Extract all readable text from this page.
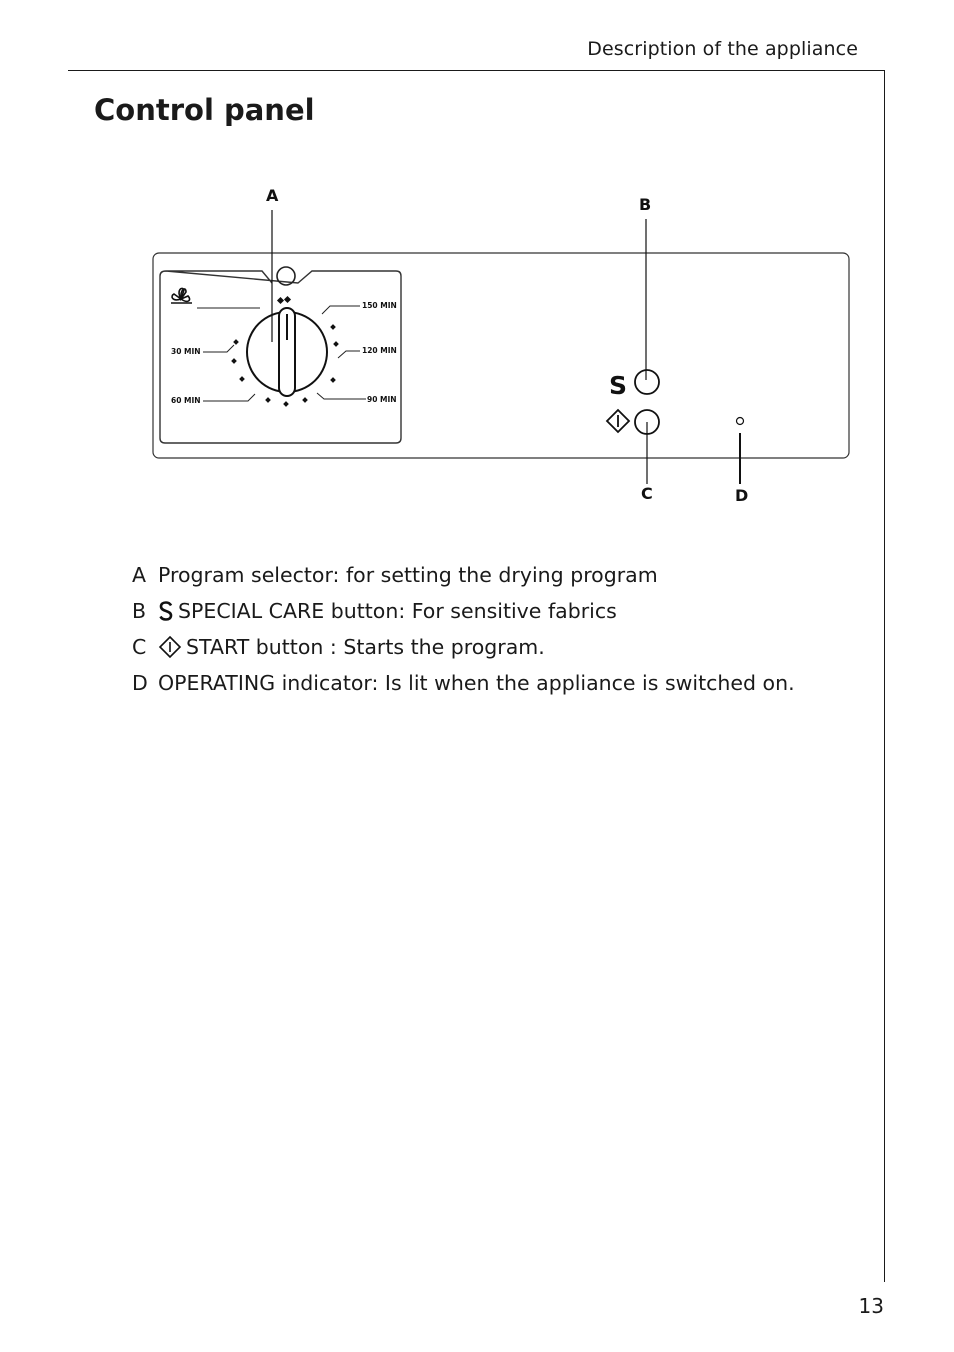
Description of the appliance
Control panel
150 MIN
120 MIN
90 MIN
30 MIN
60 MIN
S
A	B
C	D
A Program selector: for setting the drying program
B SPECIAL CARE button: For sensitive fabrics
C START button : Starts the program.
D OPERATING indicator: Is lit when the appliance is switched on.
13
